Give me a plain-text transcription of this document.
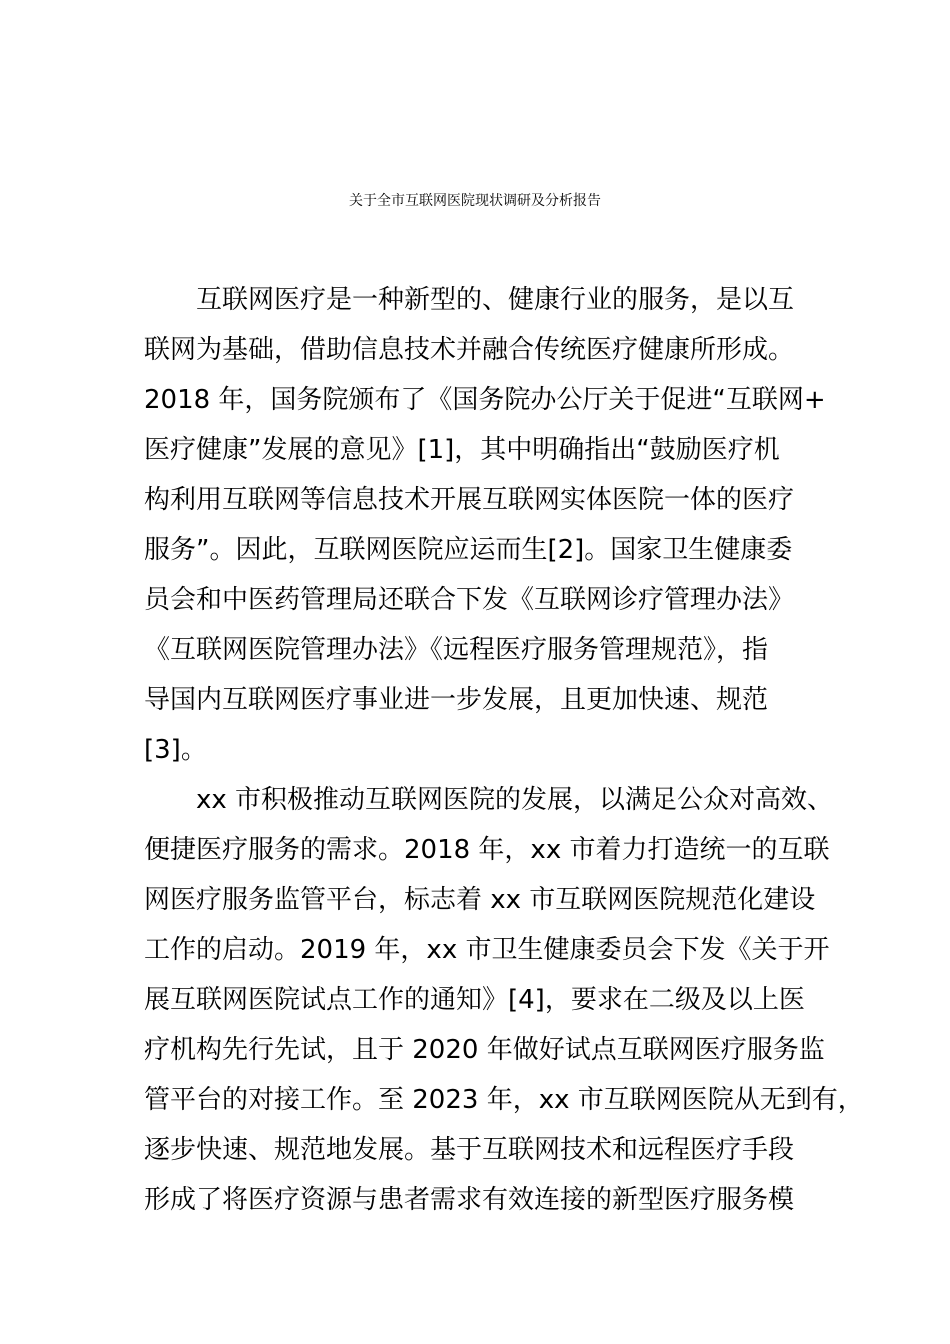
关于全市互联网医院现状调研及分析报告
互联网医疗是一种新型的、健康行业的服务，是以互
联网为基础，借助信息技术并融合传统医疗健康所形成。
2018 年，国务院颁布了《国务院办公厅关于促进“互联网+
医疗健康”发展的意见》[1]，其中明确指出“鼓励医疗机
构利用互联网等信息技术开展互联网实体医院一体的医疗
服务”。因此，互联网医院应运而生[2]。国家卫生健康委
员会和中医药管理局还联合下发《互联网诊疗管理办法》
《互联网医院管理办法》《远程医疗服务管理规范》，指
导国内互联网医疗事业进一步发展，且更加快速、规范
[3]。
xx 市积极推动互联网医院的发展，以满足公众对高效、
便捷医疗服务的需求。2018 年，xx 市着力打造统一的互联
网医疗服务监管平台，标志着 xx 市互联网医院规范化建设
工作的启动。2019 年，xx 市卫生健康委员会下发《关于开
展互联网医院试点工作的通知》[4]，要求在二级及以上医
疗机构先行先试，且于 2020 年做好试点互联网医疗服务监
管平台的对接工作。至 2023 年，xx 市互联网医院从无到有，
逐步快速、规范地发展。基于互联网技术和远程医疗手段
形成了将医疗资源与患者需求有效连接的新型医疗服务模
